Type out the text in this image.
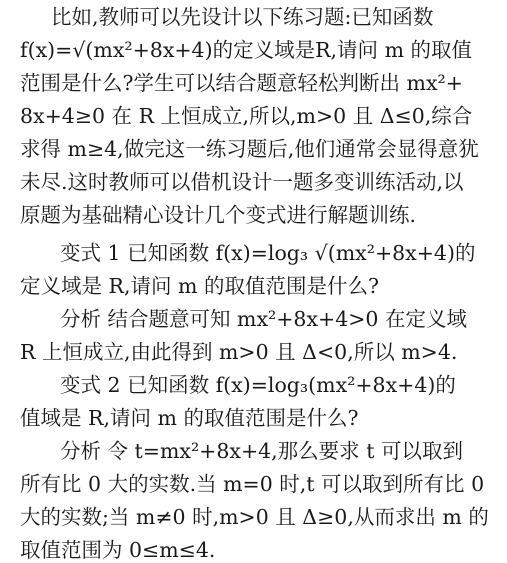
比如,教师可以先设计以下练习题:已知函数
f(x)=√(mx²+8x+4)的定义域是R,请问 m 的取值
范围是什么?学生可以结合题意轻松判断出 mx²+
8x+4≥0 在 R 上恒成立,所以,m>0 且 Δ≤0,综合
求得 m≥4,做完这一练习题后,他们通常会显得意犹
未尽.这时教师可以借机设计一题多变训练活动,以
原题为基础精心设计几个变式进行解题训练.
变式 1 已知函数 f(x)=log₃ √(mx²+8x+4)的
定义域是 R,请问 m 的取值范围是什么?
分析 结合题意可知 mx²+8x+4>0 在定义域
R 上恒成立,由此得到 m>0 且 Δ<0,所以 m>4.
变式 2 已知函数 f(x)=log₃(mx²+8x+4)的
值域是 R,请问 m 的取值范围是什么?
分析 令 t=mx²+8x+4,那么要求 t 可以取到
所有比 0 大的实数.当 m=0 时,t 可以取到所有比 0
大的实数;当 m≠0 时,m>0 且 Δ≥0,从而求出 m 的
取值范围为 0≤m≤4.
